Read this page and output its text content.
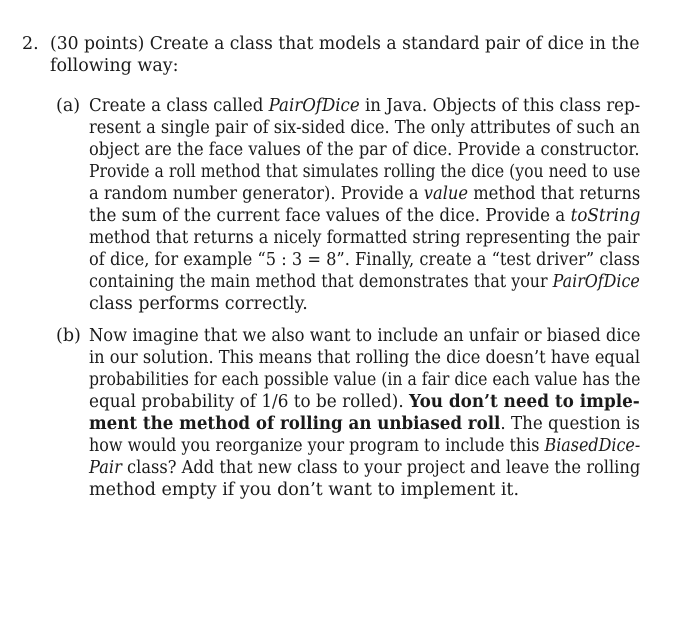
2. (30 points) Create a class that models a standard pair of dice in the
following way:
(a) Create a class called PairOfDice in Java. Objects of this class rep-
resent a single pair of six-sided dice. The only attributes of such an
object are the face values of the par of dice. Provide a constructor.
Provide a roll method that simulates rolling the dice (you need to use
a random number generator). Provide a value method that returns
the sum of the current face values of the dice. Provide a toString
method that returns a nicely formatted string representing the pair
of dice, for example “5 : 3 = 8”. Finally, create a “test driver” class
containing the main method that demonstrates that your PairOfDice
class performs correctly.
(b) Now imagine that we also want to include an unfair or biased dice
in our solution. This means that rolling the dice doesn’t have equal
probabilities for each possible value (in a fair dice each value has the
equal probability of 1/6 to be rolled). You don’t need to imple-
ment the method of rolling an unbiased roll. The question is
how would you reorganize your program to include this BiasedDice-
Pair class? Add that new class to your project and leave the rolling
method empty if you don’t want to implement it.
